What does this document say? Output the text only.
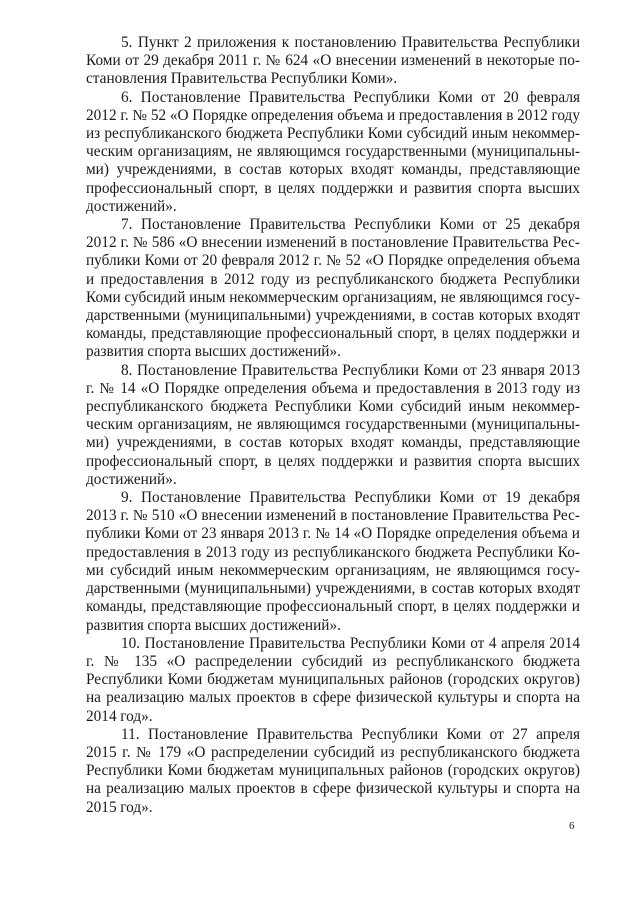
5. Пункт 2 приложения к постановлению Правительства Республики Коми от 29 декабря 2011 г. № 624 «О внесении изменений в некоторые постановления Правительства Республики Коми».

6. Постановление Правительства Республики Коми от 20 февраля 2012 г. № 52 «О Порядке определения объема и предоставления в 2012 году из республиканского бюджета Республики Коми субсидий иным некоммерческим организациям, не являющимся государственными (муниципальными) учреждениями, в состав которых входят команды, представляющие профессиональный спорт, в целях поддержки и развития спорта высших достижений».

7. Постановление Правительства Республики Коми от 25 декабря 2012 г. № 586 «О внесении изменений в постановление Правительства Республики Коми от 20 февраля 2012 г. № 52 «О Порядке определения объема и предоставления в 2012 году из республиканского бюджета Республики Коми субсидий иным некоммерческим организациям, не являющимся государственными (муниципальными) учреждениями, в состав которых входят команды, представляющие профессиональный спорт, в целях поддержки и развития спорта высших достижений».

8. Постановление Правительства Республики Коми от 23 января 2013 г. № 14 «О Порядке определения объема и предоставления в 2013 году из республиканского бюджета Республики Коми субсидий иным некоммерческим организациям, не являющимся государственными (муниципальными) учреждениями, в состав которых входят команды, представляющие профессиональный спорт, в целях поддержки и развития спорта высших достижений».

9. Постановление Правительства Республики Коми от 19 декабря 2013 г. № 510 «О внесении изменений в постановление Правительства Республики Коми от 23 января 2013 г. № 14 «О Порядке определения объема и предоставления в 2013 году из республиканского бюджета Республики Коми субсидий иным некоммерческим организациям, не являющимся государственными (муниципальными) учреждениями, в состав которых входят команды, представляющие профессиональный спорт, в целях поддержки и развития спорта высших достижений».

10. Постановление Правительства Республики Коми от 4 апреля 2014 г. № 135 «О распределении субсидий из республиканского бюджета Республики Коми бюджетам муниципальных районов (городских округов) на реализацию малых проектов в сфере физической культуры и спорта на 2014 год».

11. Постановление Правительства Республики Коми от 27 апреля 2015 г. № 179 «О распределении субсидий из республиканского бюджета Республики Коми бюджетам муниципальных районов (городских округов) на реализацию малых проектов в сфере физической культуры и спорта на 2015 год».

6
